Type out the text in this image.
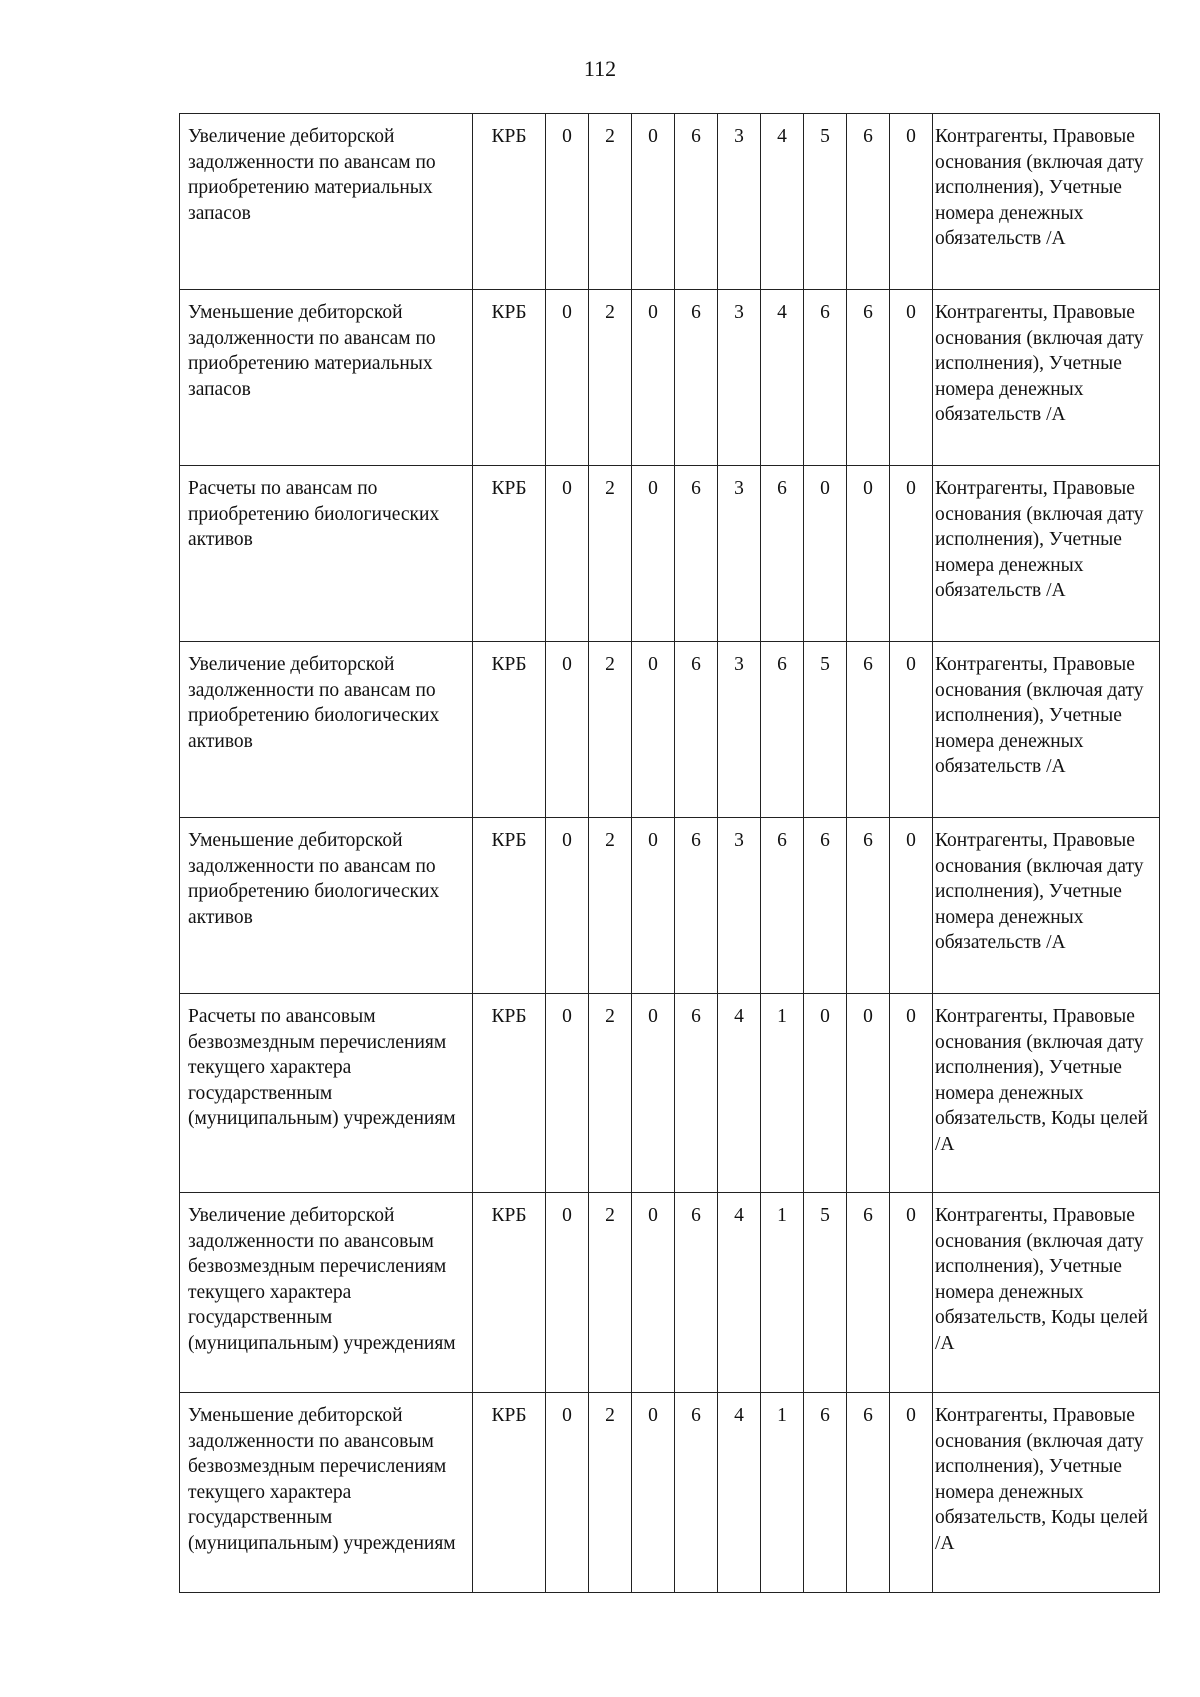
112
Увеличение дебиторской задолженности по авансам по приобретению материальных запасов	КРБ	0	2	0	6	3	4	5	6	0	Контрагенты, Правовые основания (включая дату исполнения), Учетные номера денежных обязательств /А
Уменьшение дебиторской задолженности по авансам по приобретению материальных запасов	КРБ	0	2	0	6	3	4	6	6	0	Контрагенты, Правовые основания (включая дату исполнения), Учетные номера денежных обязательств /А
Расчеты по авансам по приобретению биологических активов	КРБ	0	2	0	6	3	6	0	0	0	Контрагенты, Правовые основания (включая дату исполнения), Учетные номера денежных обязательств /А
Увеличение дебиторской задолженности по авансам по приобретению биологических активов	КРБ	0	2	0	6	3	6	5	6	0	Контрагенты, Правовые основания (включая дату исполнения), Учетные номера денежных обязательств /А
Уменьшение дебиторской задолженности по авансам по приобретению биологических активов	КРБ	0	2	0	6	3	6	6	6	0	Контрагенты, Правовые основания (включая дату исполнения), Учетные номера денежных обязательств /А
Расчеты по авансовым безвозмездным перечислениям текущего характера государственным (муниципальным) учреждениям	КРБ	0	2	0	6	4	1	0	0	0	Контрагенты, Правовые основания (включая дату исполнения), Учетные номера денежных обязательств, Коды целей /А
Увеличение дебиторской задолженности по авансовым безвозмездным перечислениям текущего характера государственным (муниципальным) учреждениям	КРБ	0	2	0	6	4	1	5	6	0	Контрагенты, Правовые основания (включая дату исполнения), Учетные номера денежных обязательств, Коды целей /А
Уменьшение дебиторской задолженности по авансовым безвозмездным перечислениям текущего характера государственным (муниципальным) учреждениям	КРБ	0	2	0	6	4	1	6	6	0	Контрагенты, Правовые основания (включая дату исполнения), Учетные номера денежных обязательств, Коды целей /А
